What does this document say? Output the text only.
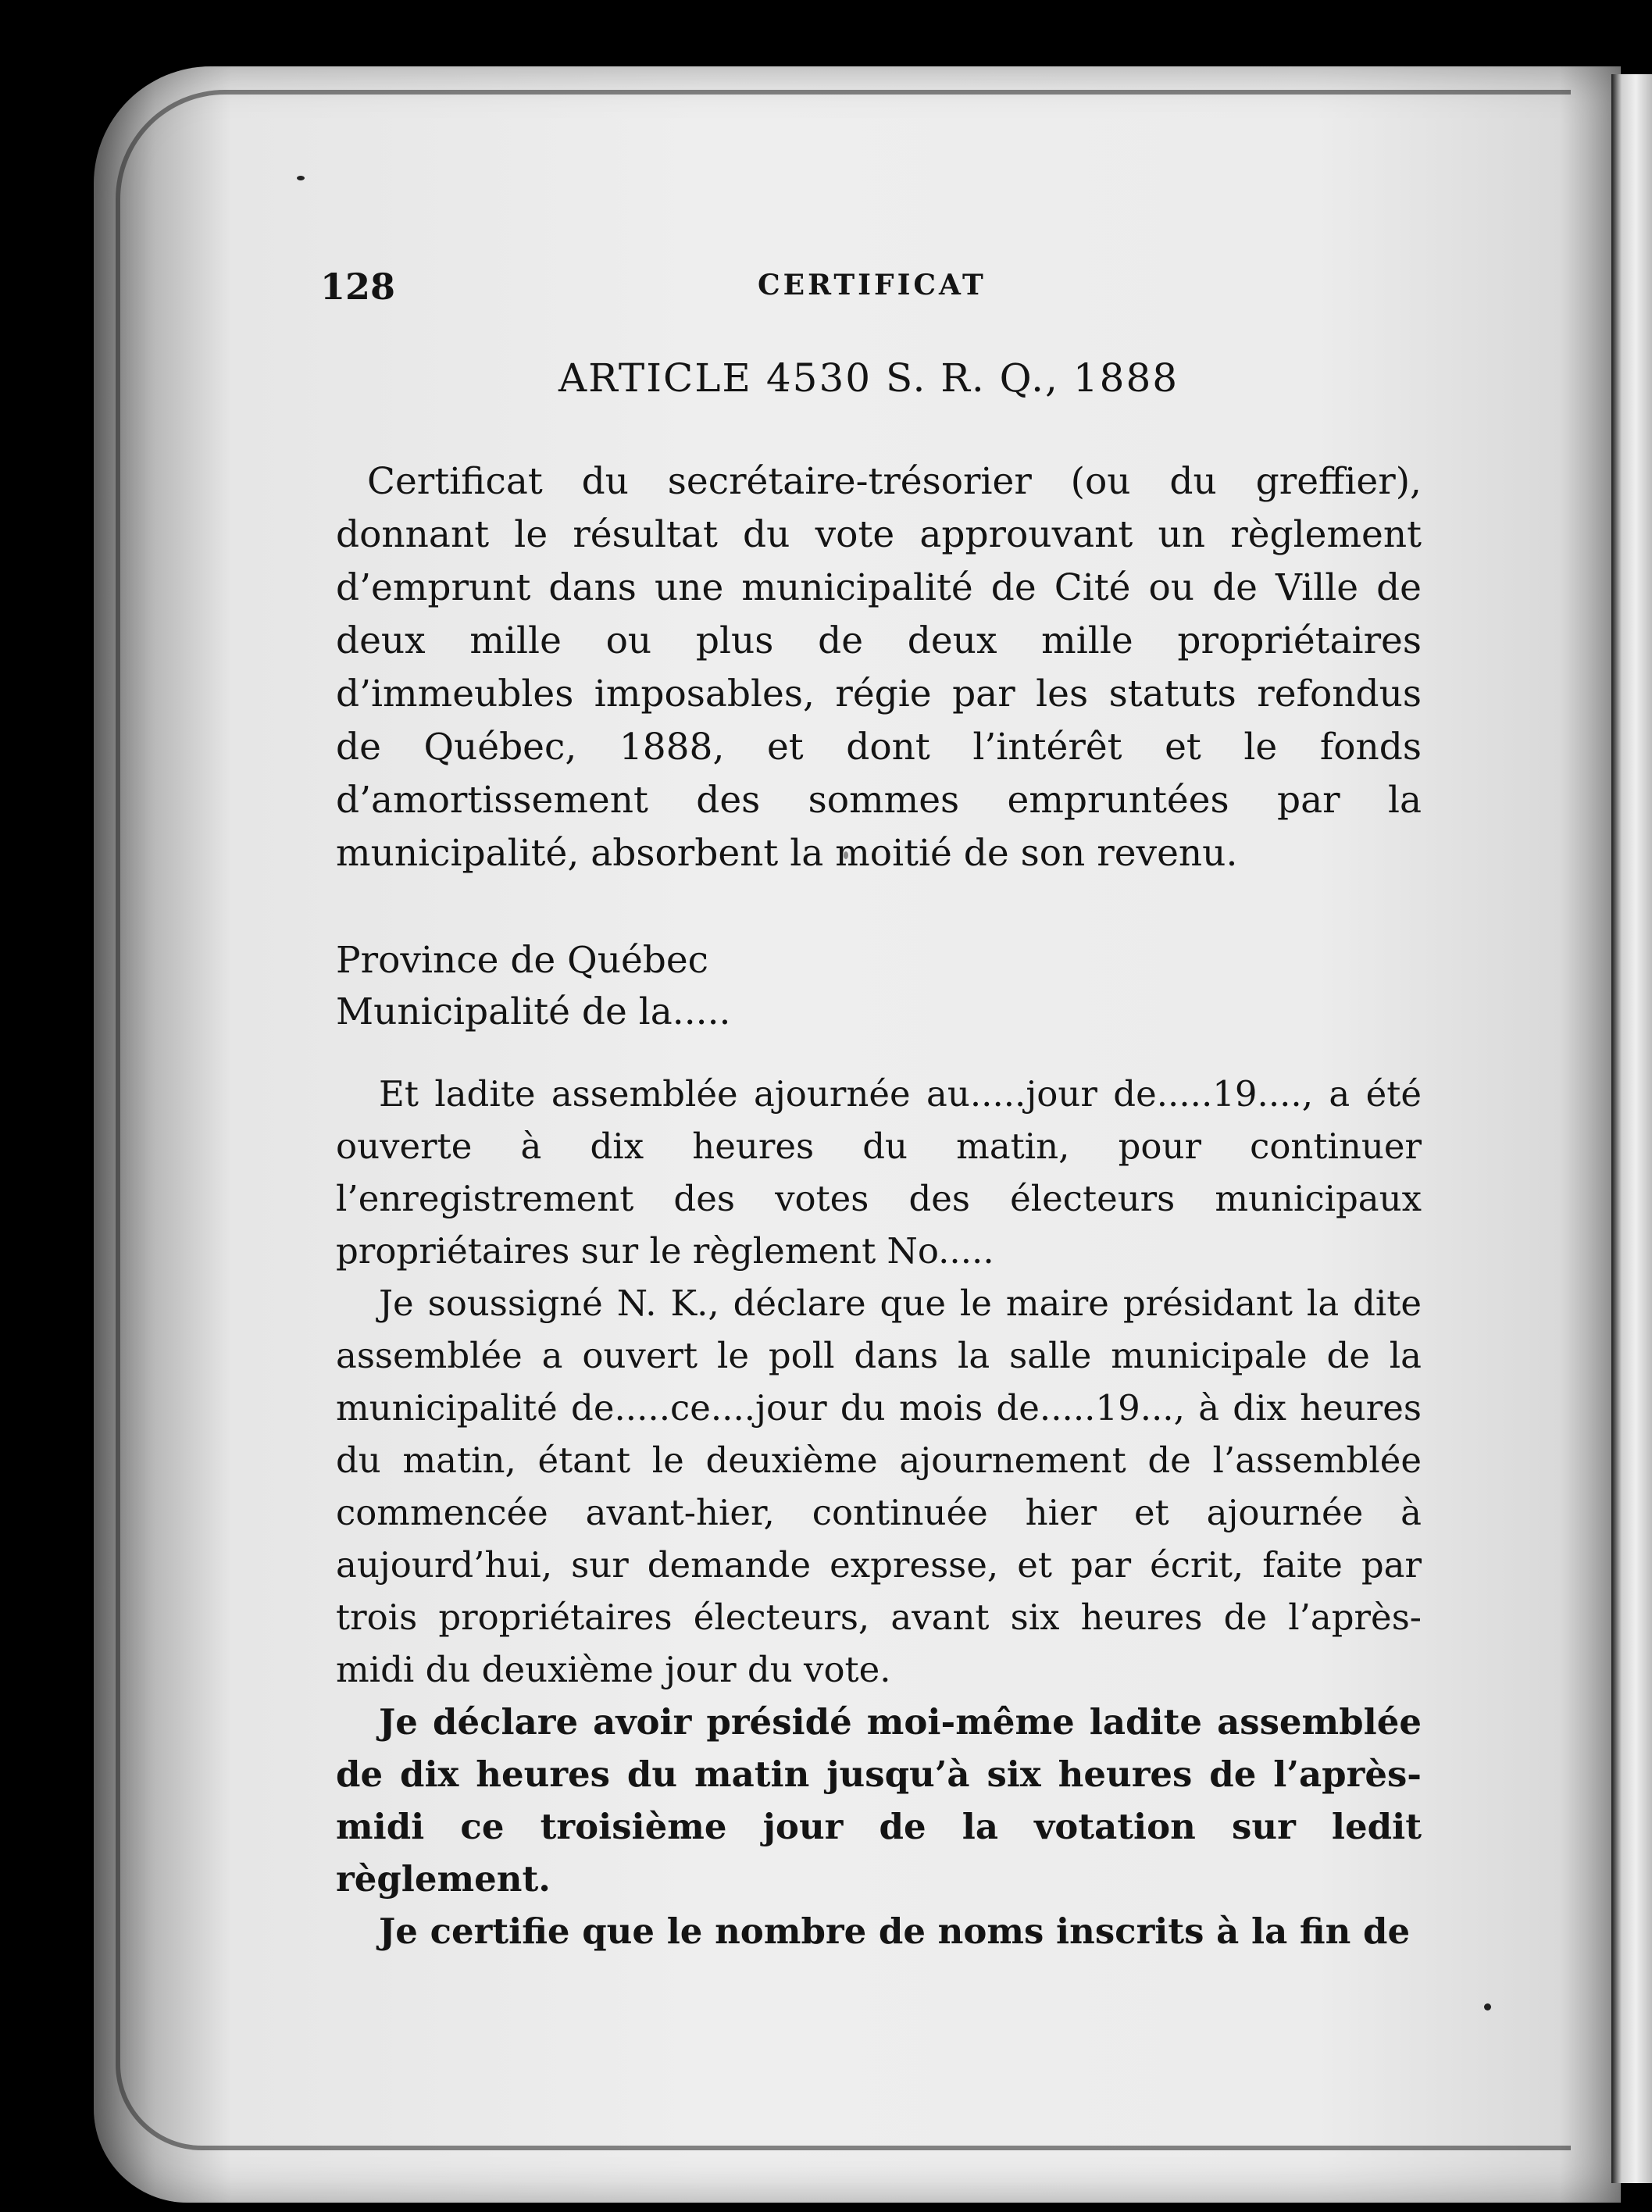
128	CERTIFICAT
ARTICLE 4530 S. R. Q., 1888

Certificat du secrétaire-trésorier (ou du greffier), donnant le résultat du vote approuvant un règlement d’emprunt dans une municipalité de Cité ou de Ville de deux mille ou plus de deux mille propriétaires d’immeubles imposables, régie par les statuts refondus de Québec, 1888, et dont l’intérêt et le fonds d’amortissement des sommes empruntées par la municipalité, absorbent la moitié de son revenu.

Province de Québec
Municipalité de la.....

Et ladite assemblée ajournée au.....jour de.....19...., a été ouverte à dix heures du matin, pour continuer l’enregistrement des votes des électeurs municipaux propriétaires sur le règlement No.....

Je soussigné N. K., déclare que le maire présidant la dite assemblée a ouvert le poll dans la salle municipale de la municipalité de.....ce....jour du mois de.....19..., à dix heures du matin, étant le deuxième ajournement de l’assemblée commencée avant-hier, continuée hier et ajournée à aujourd’hui, sur demande expresse, et par écrit, faite par trois propriétaires électeurs, avant six heures de l’après-midi du deuxième jour du vote.

Je déclare avoir présidé moi-même ladite assemblée de dix heures du matin jusqu’à six heures de l’après-midi ce troisième jour de la votation sur ledit règlement.

Je certifie que le nombre de noms inscrits à la fin de
